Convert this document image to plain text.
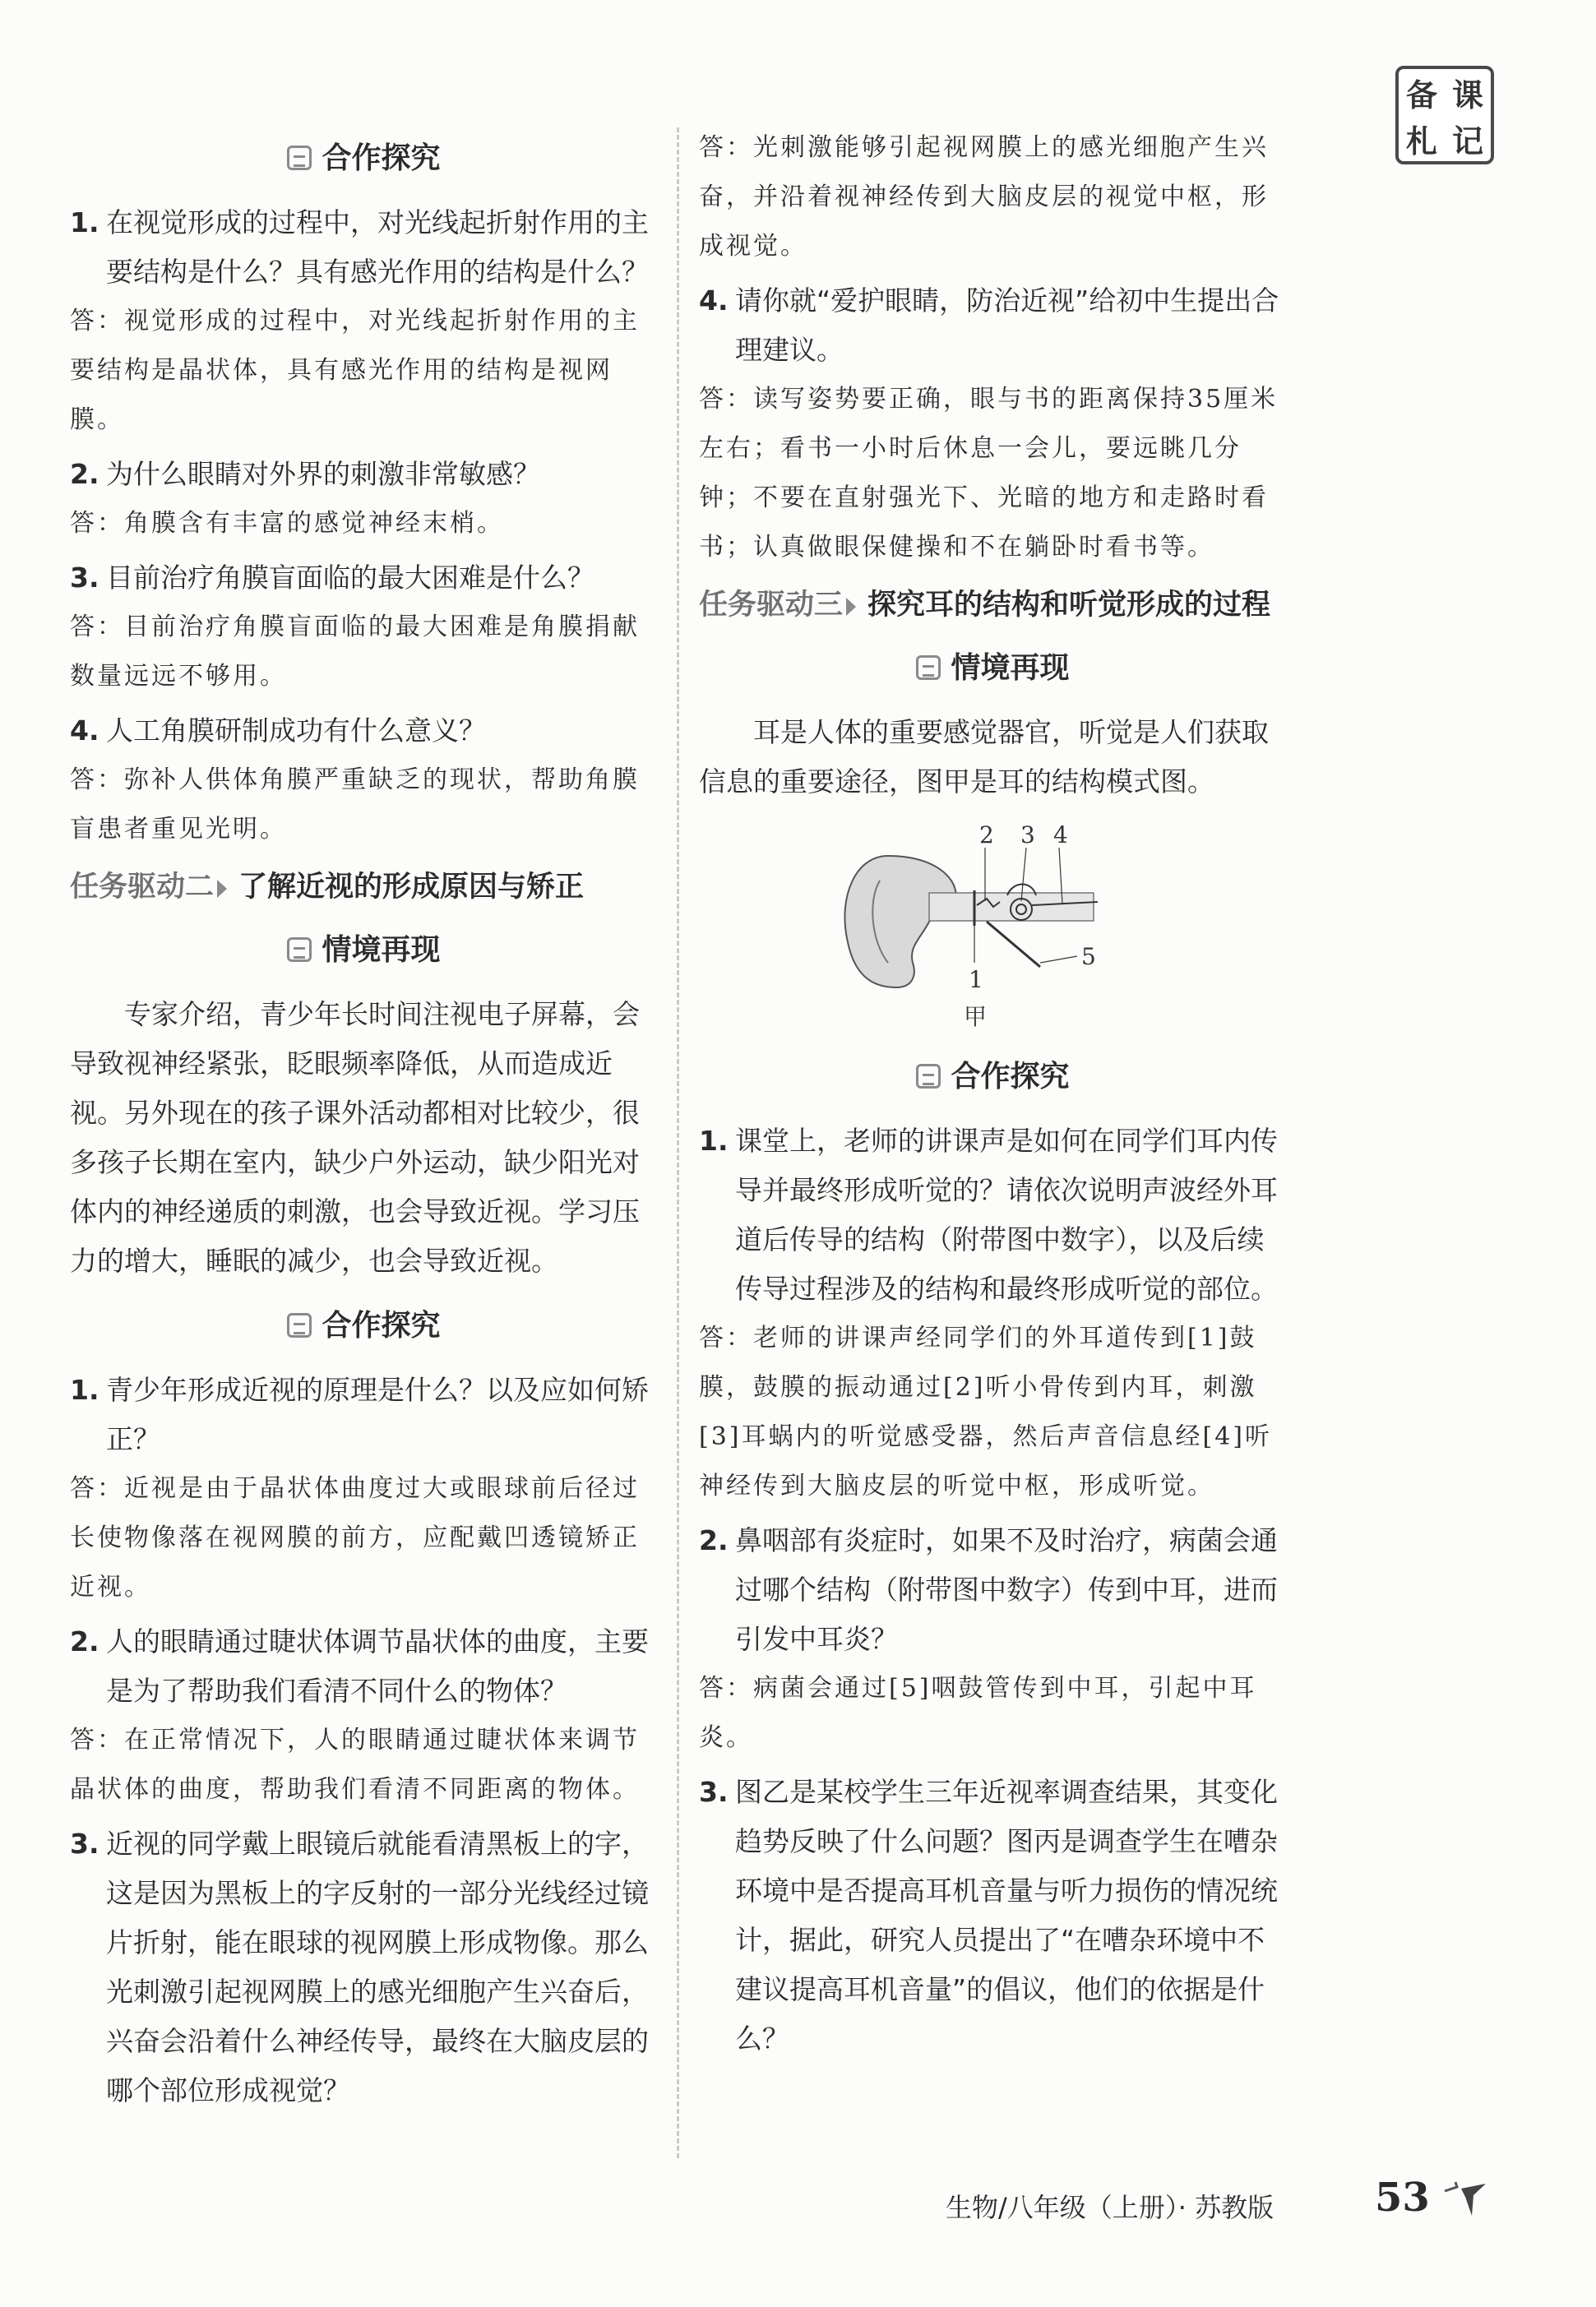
备 课
札 记
合作探究
1. 在视觉形成的过程中，对光线起折射作用的主要结构是什么？具有感光作用的结构是什么？
答：视觉形成的过程中，对光线起折射作用的主要结构是晶状体，具有感光作用的结构是视网膜。
2. 为什么眼睛对外界的刺激非常敏感？
答：角膜含有丰富的感觉神经末梢。
3. 目前治疗角膜盲面临的最大困难是什么？
答：目前治疗角膜盲面临的最大困难是角膜捐献数量远远不够用。
4. 人工角膜研制成功有什么意义？
答：弥补人供体角膜严重缺乏的现状，帮助角膜盲患者重见光明。
任务驱动二 了解近视的形成原因与矫正
情境再现
专家介绍，青少年长时间注视电子屏幕，会导致视神经紧张，眨眼频率降低，从而造成近视。另外现在的孩子课外活动都相对比较少，很多孩子长期在室内，缺少户外运动，缺少阳光对体内的神经递质的刺激，也会导致近视。学习压力的增大，睡眠的减少，也会导致近视。
合作探究
1. 青少年形成近视的原理是什么？以及应如何矫正？
答：近视是由于晶状体曲度过大或眼球前后径过长使物像落在视网膜的前方，应配戴凹透镜矫正近视。
2. 人的眼睛通过睫状体调节晶状体的曲度，主要是为了帮助我们看清不同什么的物体？
答：在正常情况下，人的眼睛通过睫状体来调节晶状体的曲度，帮助我们看清不同距离的物体。
3. 近视的同学戴上眼镜后就能看清黑板上的字，这是因为黑板上的字反射的一部分光线经过镜片折射，能在眼球的视网膜上形成物像。那么光刺激引起视网膜上的感光细胞产生兴奋后，兴奋会沿着什么神经传导，最终在大脑皮层的哪个部位形成视觉？
答：光刺激能够引起视网膜上的感光细胞产生兴奋，并沿着视神经传到大脑皮层的视觉中枢，形成视觉。
4. 请你就“爱护眼睛，防治近视”给初中生提出合理建议。
答：读写姿势要正确，眼与书的距离保持35厘米左右；看书一小时后休息一会儿，要远眺几分钟；不要在直射强光下、光暗的地方和走路时看书；认真做眼保健操和不在躺卧时看书等。
任务驱动三 探究耳的结构和听觉形成的过程
情境再现
耳是人体的重要感觉器官，听觉是人们获取信息的重要途径，图甲是耳的结构模式图。
2 3 4
1
5
甲
合作探究
1. 课堂上，老师的讲课声是如何在同学们耳内传导并最终形成听觉的？请依次说明声波经外耳道后传导的结构（附带图中数字），以及后续传导过程涉及的结构和最终形成听觉的部位。
答：老师的讲课声经同学们的外耳道传到[1]鼓膜，鼓膜的振动通过[2]听小骨传到内耳，刺激[3]耳蜗内的听觉感受器，然后声音信息经[4]听神经传到大脑皮层的听觉中枢，形成听觉。
2. 鼻咽部有炎症时，如果不及时治疗，病菌会通过哪个结构（附带图中数字）传到中耳，进而引发中耳炎？
答：病菌会通过[5]咽鼓管传到中耳，引起中耳炎。
3. 图乙是某校学生三年近视率调查结果，其变化趋势反映了什么问题？图丙是调查学生在嘈杂环境中是否提高耳机音量与听力损伤的情况统计，据此，研究人员提出了“在嘈杂环境中不建议提高耳机音量”的倡议，他们的依据是什么？
生物/八年级（上册）· 苏教版	53
